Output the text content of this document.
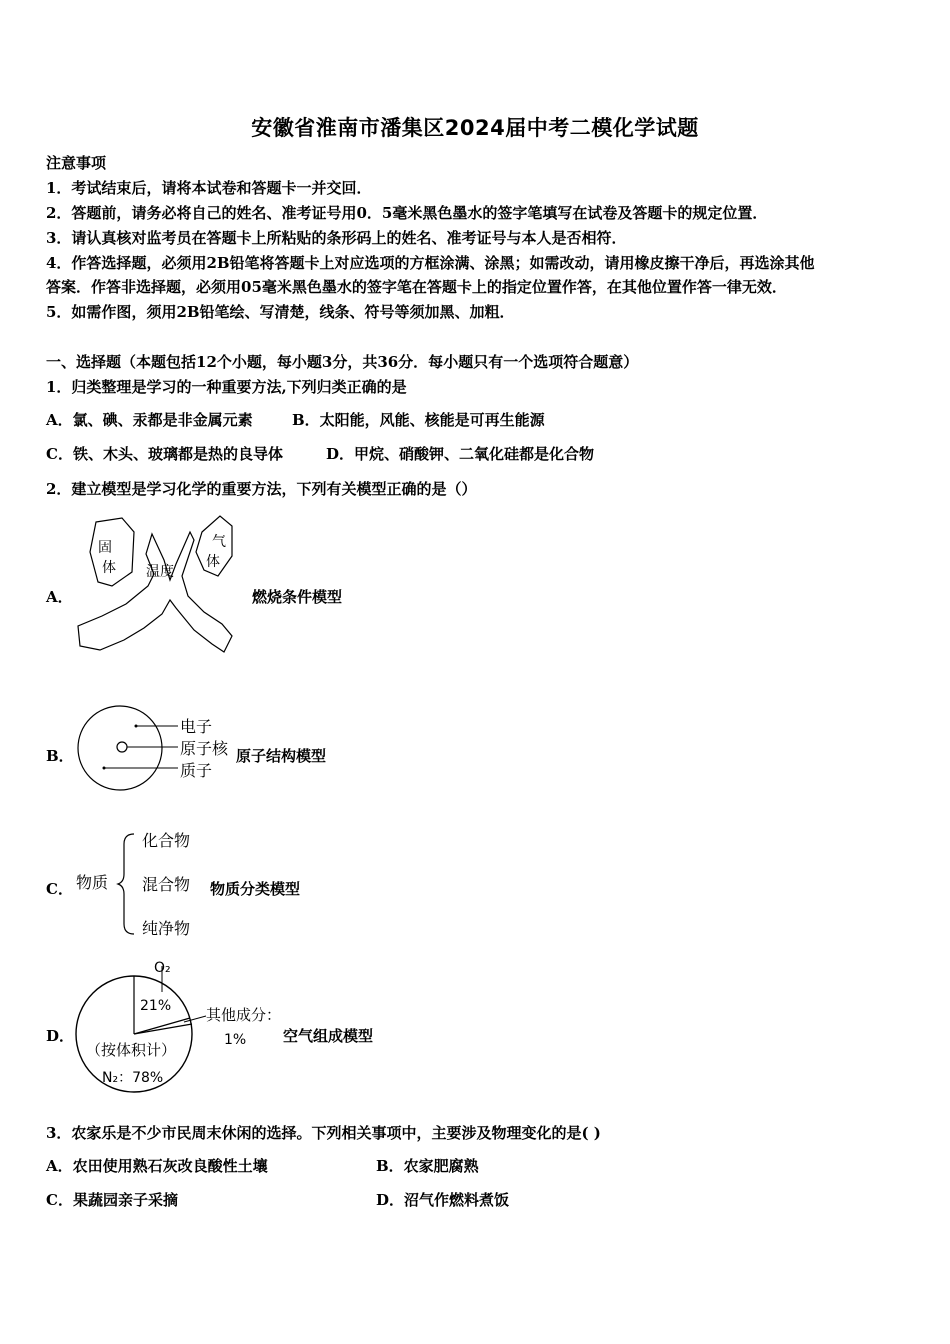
安徽省淮南市潘集区2024届中考二模化学试题
注意事项
1．考试结束后，请将本试卷和答题卡一并交回．
2．答题前，请务必将自己的姓名、准考证号用0．5毫米黑色墨水的签字笔填写在试卷及答题卡的规定位置．
3．请认真核对监考员在答题卡上所粘贴的条形码上的姓名、准考证号与本人是否相符．
4．作答选择题，必须用2B铅笔将答题卡上对应选项的方框涂满、涂黑；如需改动，请用橡皮擦干净后，再选涂其他
答案．作答非选择题，必须用05毫米黑色墨水的签字笔在答题卡上的指定位置作答，在其他位置作答一律无效．
5．如需作图，须用2B铅笔绘、写清楚，线条、符号等须加黑、加粗．
一、选择题（本题包括12个小题，每小题3分，共36分．每小题只有一个选项符合题意）
1．归类整理是学习的一种重要方法,下列归类正确的是
A．氯、碘、汞都是非金属元素	B．太阳能，风能、核能是可再生能源
C．铁、木头、玻璃都是热的良导体	D．甲烷、硝酸钾、二氧化硅都是化合物
2．建立模型是学习化学的重要方法，下列有关模型正确的是（）
A．
固
体 温度
气
体
燃烧条件模型
B．
电子
原子核
质子
原子结构模型
C． 物质
化合物
混合物
纯净物
物质分类模型
D．
O₂
21% 其他成分：
1%
（按体积计）
N₂：78%
空气组成模型
3．农家乐是不少市民周末休闲的选择。下列相关事项中，主要涉及物理变化的是( )
A．农田使用熟石灰改良酸性土壤	B．农家肥腐熟
C．果蔬园亲子采摘	D．沼气作燃料煮饭
